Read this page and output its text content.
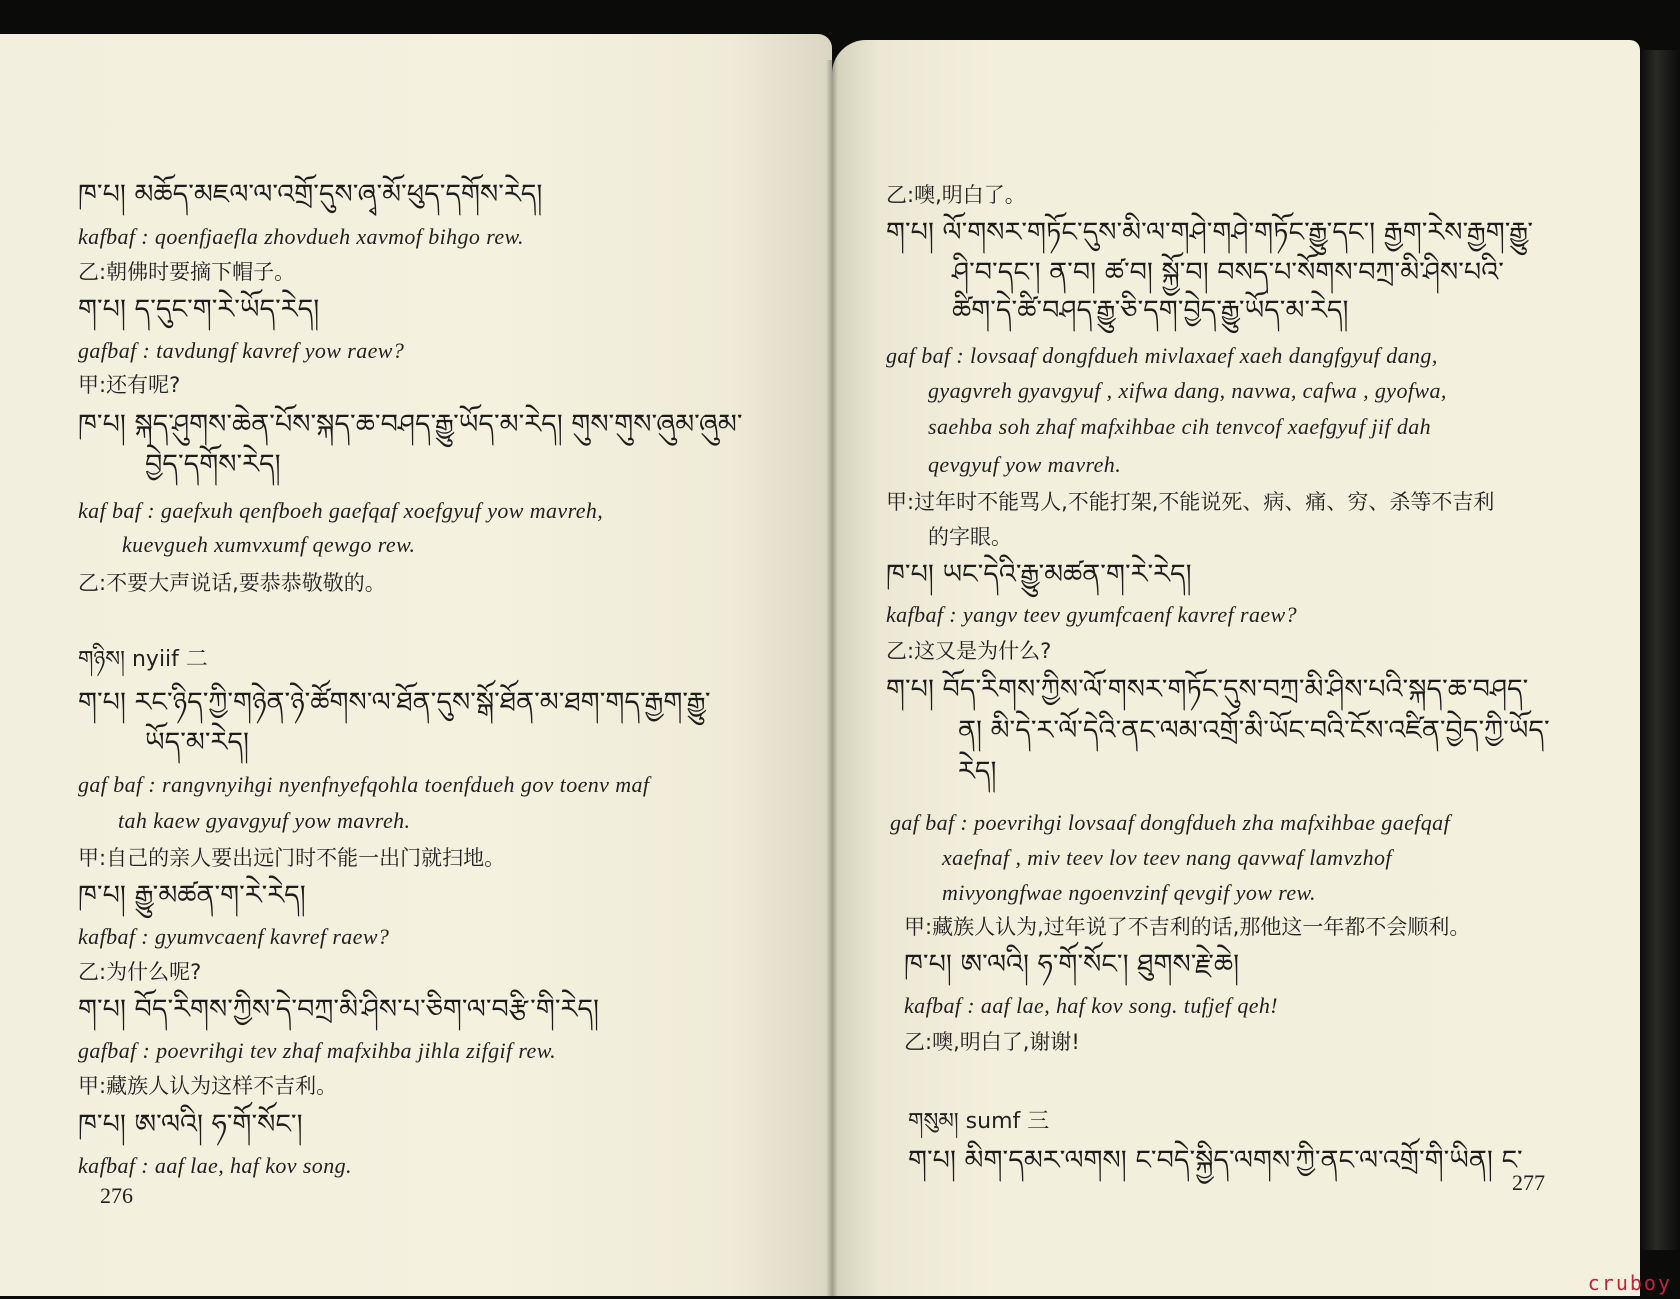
ཁ་པ། མཆོད་མཇལ་ལ་འགྲོ་དུས་ཞྭ་མོ་ཕུད་དགོས་རེད།
kafbaf : qoenfjaefla zhovdueh xavmof bihgo rew.
乙:朝佛时要摘下帽子。
ག་པ། ད་དུང་ག་རེ་ཡོད་རེད།
gafbaf : tavdungf kavref yow raew?
甲:还有呢?
ཁ་པ། སྐད་ཤུགས་ཆེན་པོས་སྐད་ཆ་བཤད་རྒྱུ་ཡོད་མ་རེད། གུས་གུས་ཞུམ་ཞུམ་
བྱེད་དགོས་རེད།
kaf baf : gaefxuh qenfboeh gaefqaf xoefgyuf yow mavreh,
kuevgueh xumvxumf qewgo rew.
乙:不要大声说话,要恭恭敬敬的。
གཉིས། nyiif 二
ག་པ། རང་ཉིད་ཀྱི་གཉེན་ཉེ་ཚོགས་ལ་ཐོན་དུས་སྒོ་ཐོན་མ་ཐག་གད་རྒྱག་རྒྱུ་
ཡོད་མ་རེད།
gaf baf : rangvnyihgi nyenfnyefqohla toenfdueh gov toenv maf
tah kaew gyavgyuf yow mavreh.
甲:自己的亲人要出远门时不能一出门就扫地。
ཁ་པ། རྒྱུ་མཚན་ག་རེ་རེད།
kafbaf : gyumvcaenf kavref raew?
乙:为什么呢?
ག་པ། བོད་རིགས་ཀྱིས་དེ་བཀྲ་མི་ཤིས་པ་ཅིག་ལ་བརྩི་གི་རེད།
gafbaf : poevrihgi tev zhaf mafxihba jihla zifgif rew.
甲:藏族人认为这样不吉利。
ཁ་པ། ཨ་ལའི། ཧ་གོ་སོང་།
kafbaf : aaf lae, haf kov song.
276
乙:噢,明白了。
ག་པ། ལོ་གསར་གཏོང་དུས་མི་ལ་གཤེ་གཤེ་གཏོང་རྒྱུ་དང་། རྒྱག་རེས་རྒྱག་རྒྱུ་
ཤི་བ་དང་། ན་བ། ཚ་བ། སྐྱོ་བ། བསད་པ་སོགས་བཀྲ་མི་ཤིས་པའི་
ཚིག་དེ་ཚི་བཤད་རྒྱུ་ཅི་དག་བྱེད་རྒྱུ་ཡོད་མ་རེད།
gaf baf : lovsaaf dongfdueh mivlaxaef xaeh dangfgyuf dang,
gyagvreh gyavgyuf , xifwa dang, navwa, cafwa , gyofwa,
saehba soh zhaf mafxihbae cih tenvcof xaefgyuf jif dah
qevgyuf yow mavreh.
甲:过年时不能骂人,不能打架,不能说死、病、痛、穷、杀等不吉利
的字眼。
ཁ་པ། ཡང་དེའི་རྒྱུ་མཚན་ག་རེ་རེད།
kafbaf : yangv teev gyumfcaenf kavref raew?
乙:这又是为什么?
ག་པ། བོད་རིགས་ཀྱིས་ལོ་གསར་གཏོང་དུས་བཀྲ་མི་ཤིས་པའི་སྐད་ཆ་བཤད་
ན། མི་དེ་ར་ལོ་དེའི་ནང་ལམ་འགྲོ་མི་ཡོང་བའི་ངོས་འཛིན་བྱེད་ཀྱི་ཡོད་
རེད།
gaf baf : poevrihgi lovsaaf dongfdueh zha mafxihbae gaefqaf
xaefnaf , miv teev lov teev nang qavwaf lamvzhof
mivyongfwae ngoenvzinf qevgif yow rew.
甲:藏族人认为,过年说了不吉利的话,那他这一年都不会顺利。
ཁ་པ། ཨ་ལའི། ཧ་གོ་སོང་། ཐུགས་རྗེ་ཆེ།
kafbaf : aaf lae, haf kov song. tufjef qeh!
乙:噢,明白了,谢谢!
གསུམ། sumf 三
ག་པ། མིག་དམར་ལགས། ང་བདེ་སྐྱིད་ལགས་ཀྱི་ནང་ལ་འགྲོ་གི་ཡིན། ང་
277
cruboy
